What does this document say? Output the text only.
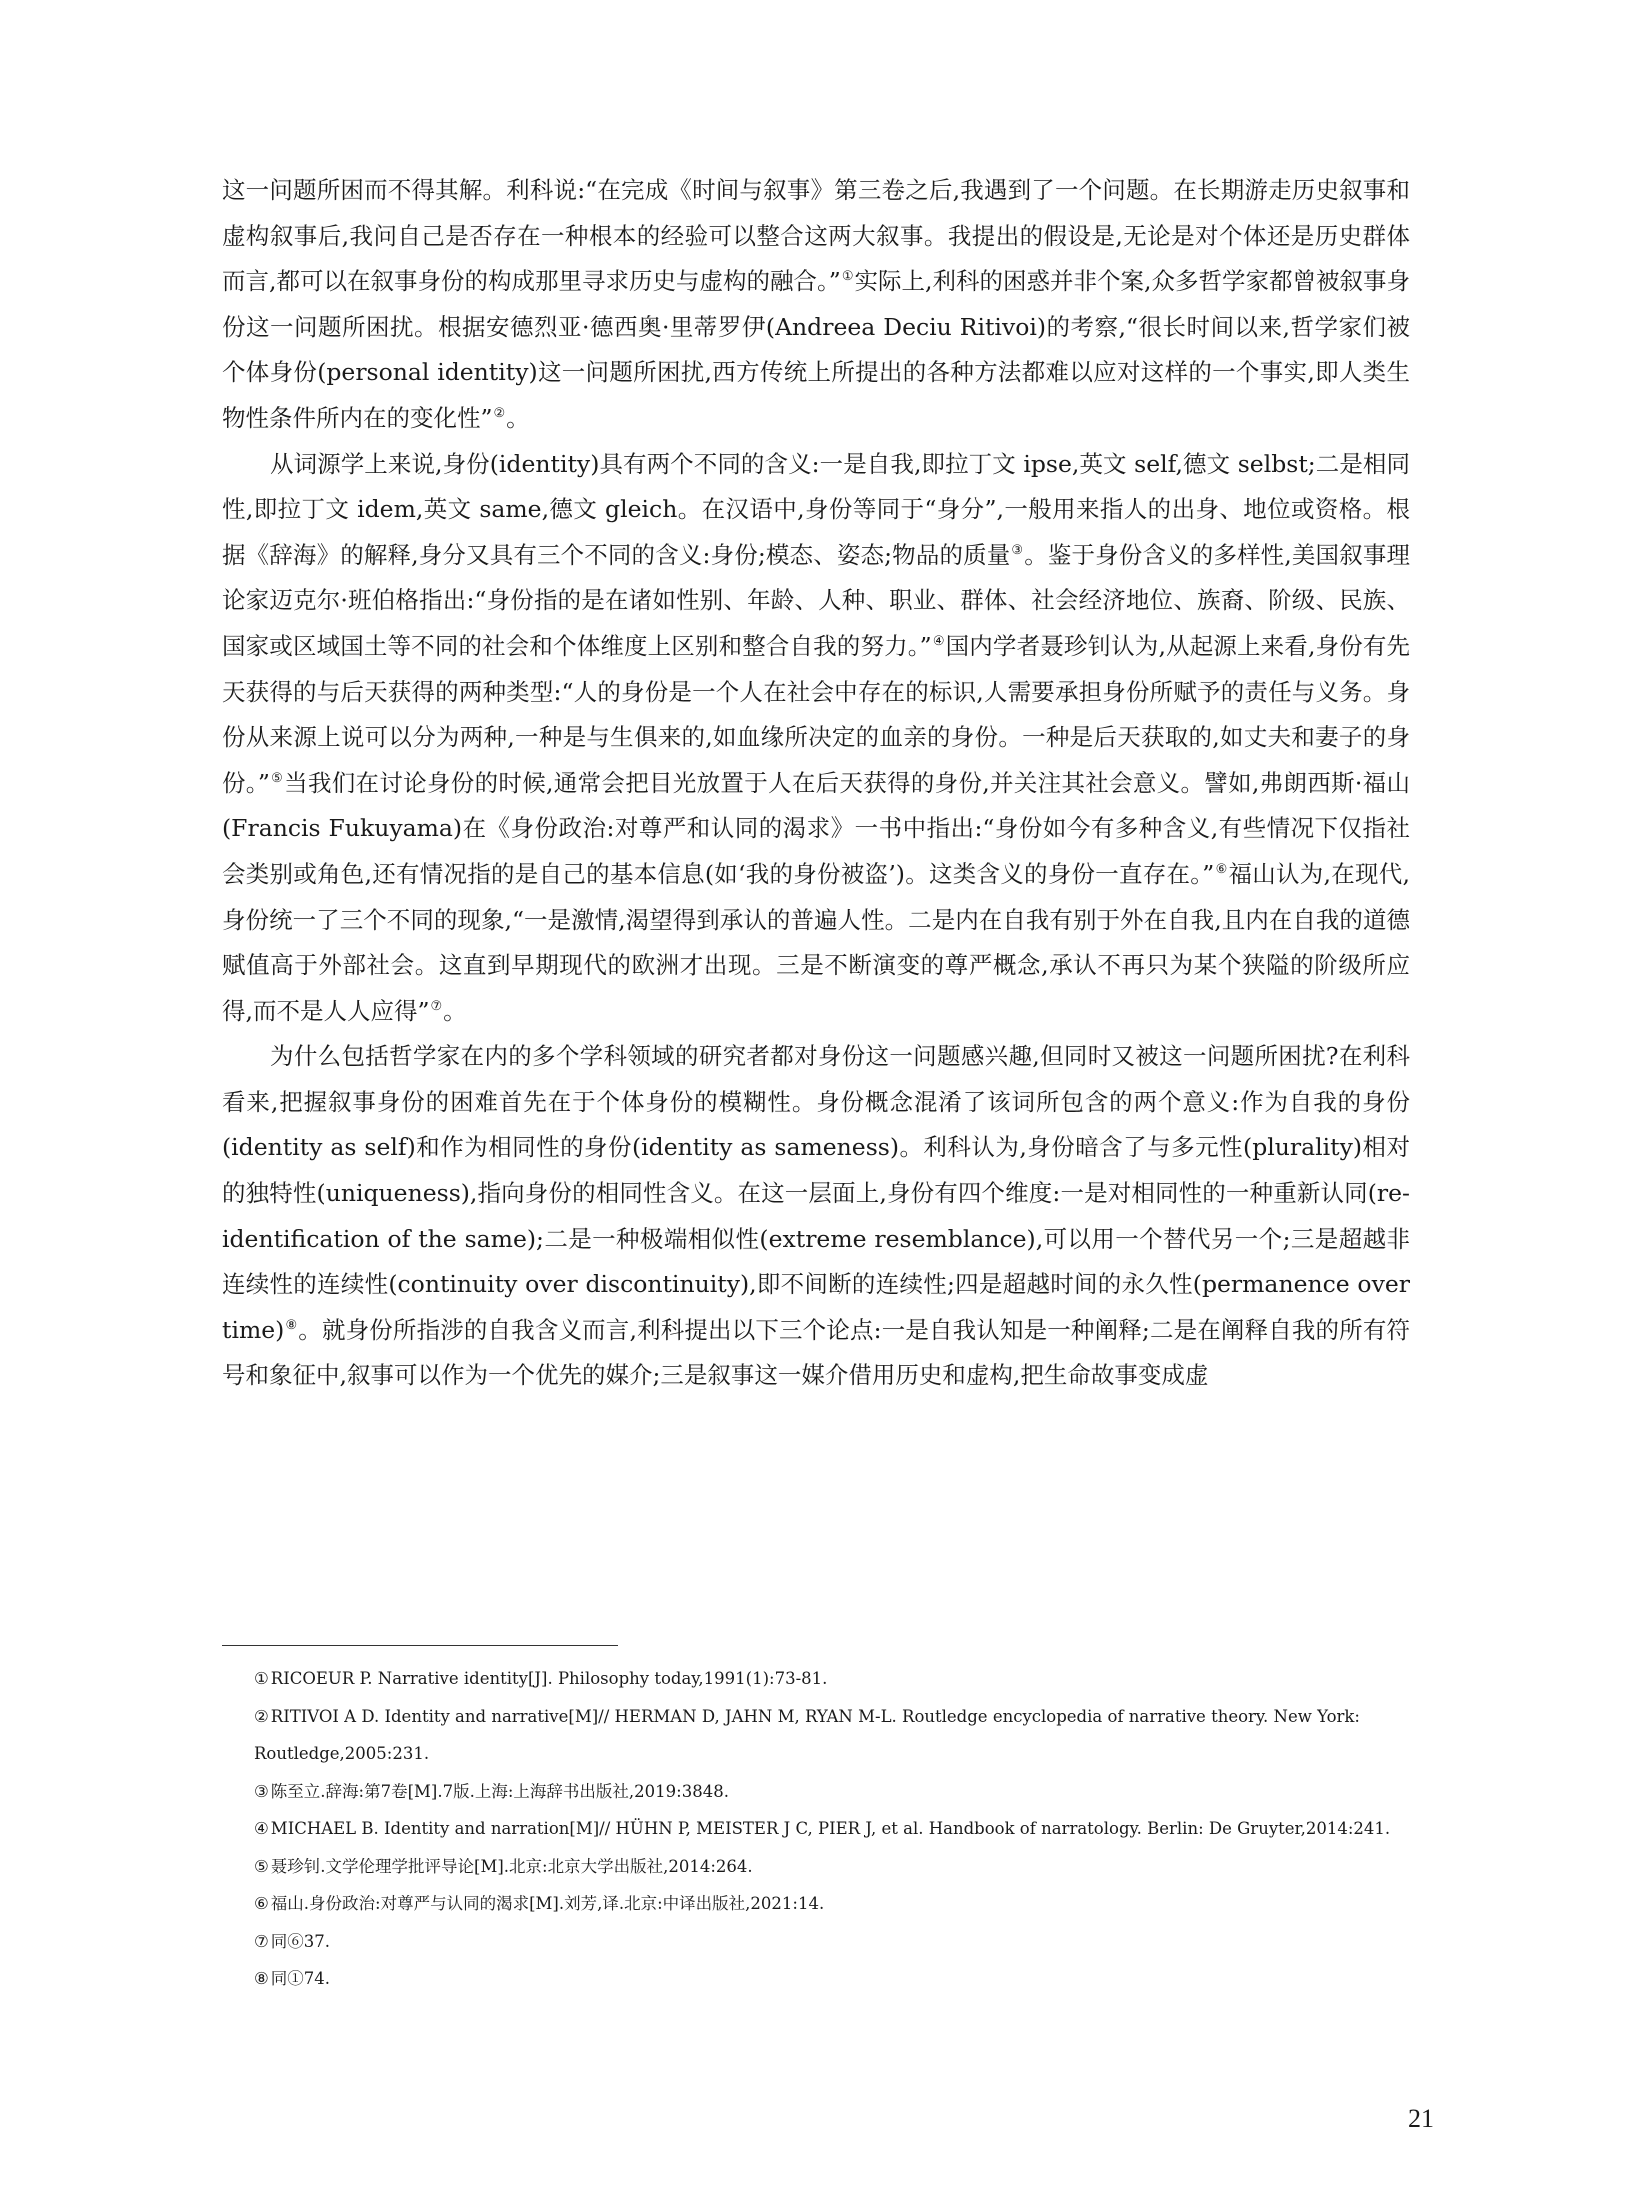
这一问题所困而不得其解。利科说:“在完成《时间与叙事》第三卷之后,我遇到了一个问题。在长期游走历史叙事和虚构叙事后,我问自己是否存在一种根本的经验可以整合这两大叙事。我提出的假设是,无论是对个体还是历史群体而言,都可以在叙事身份的构成那里寻求历史与虚构的融合。”①实际上,利科的困惑并非个案,众多哲学家都曾被叙事身份这一问题所困扰。根据安德烈亚·德西奥·里蒂罗伊(Andreea Deciu Ritivoi)的考察,“很长时间以来,哲学家们被个体身份(personal identity)这一问题所困扰,西方传统上所提出的各种方法都难以应对这样的一个事实,即人类生物性条件所内在的变化性”②。

从词源学上来说,身份(identity)具有两个不同的含义:一是自我,即拉丁文 ipse,英文 self,德文 selbst;二是相同性,即拉丁文 idem,英文 same,德文 gleich。在汉语中,身份等同于“身分”,一般用来指人的出身、地位或资格。根据《辞海》的解释,身分又具有三个不同的含义:身份;模态、姿态;物品的质量③。鉴于身份含义的多样性,美国叙事理论家迈克尔·班伯格指出:“身份指的是在诸如性别、年龄、人种、职业、群体、社会经济地位、族裔、阶级、民族、国家或区域国土等不同的社会和个体维度上区别和整合自我的努力。”④国内学者聂珍钊认为,从起源上来看,身份有先天获得的与后天获得的两种类型:“人的身份是一个人在社会中存在的标识,人需要承担身份所赋予的责任与义务。身份从来源上说可以分为两种,一种是与生俱来的,如血缘所决定的血亲的身份。一种是后天获取的,如丈夫和妻子的身份。”⑤当我们在讨论身份的时候,通常会把目光放置于人在后天获得的身份,并关注其社会意义。譬如,弗朗西斯·福山(Francis Fukuyama)在《身份政治:对尊严和认同的渴求》一书中指出:“身份如今有多种含义,有些情况下仅指社会类别或角色,还有情况指的是自己的基本信息(如‘我的身份被盗’)。这类含义的身份一直存在。”⑥福山认为,在现代,身份统一了三个不同的现象,“一是激情,渴望得到承认的普遍人性。二是内在自我有别于外在自我,且内在自我的道德赋值高于外部社会。这直到早期现代的欧洲才出现。三是不断演变的尊严概念,承认不再只为某个狭隘的阶级所应得,而不是人人应得”⑦。

为什么包括哲学家在内的多个学科领域的研究者都对身份这一问题感兴趣,但同时又被这一问题所困扰?在利科看来,把握叙事身份的困难首先在于个体身份的模糊性。身份概念混淆了该词所包含的两个意义:作为自我的身份(identity as self)和作为相同性的身份(identity as sameness)。利科认为,身份暗含了与多元性(plurality)相对的独特性(uniqueness),指向身份的相同性含义。在这一层面上,身份有四个维度:一是对相同性的一种重新认同(re-identification of the same);二是一种极端相似性(extreme resemblance),可以用一个替代另一个;三是超越非连续性的连续性(continuity over discontinuity),即不间断的连续性;四是超越时间的永久性(permanence over time)⑧。就身份所指涉的自我含义而言,利科提出以下三个论点:一是自我认知是一种阐释;二是在阐释自我的所有符号和象征中,叙事可以作为一个优先的媒介;三是叙事这一媒介借用历史和虚构,把生命故事变成虚

① RICOEUR P. Narrative identity[J]. Philosophy today,1991(1):73-81.

② RITIVOI A D. Identity and narrative[M]// HERMAN D, JAHN M, RYAN M-L. Routledge encyclopedia of narrative theory. New York: Routledge,2005:231.

③ 陈至立.辞海:第7卷[M].7版.上海:上海辞书出版社,2019:3848.

④ MICHAEL B. Identity and narration[M]// HÜHN P, MEISTER J C, PIER J, et al. Handbook of narratology. Berlin: De Gruyter,2014:241.

⑤ 聂珍钊.文学伦理学批评导论[M].北京:北京大学出版社,2014:264.

⑥ 福山.身份政治:对尊严与认同的渴求[M].刘芳,译.北京:中译出版社,2021:14.

⑦ 同⑥37.

⑧ 同①74.

21
